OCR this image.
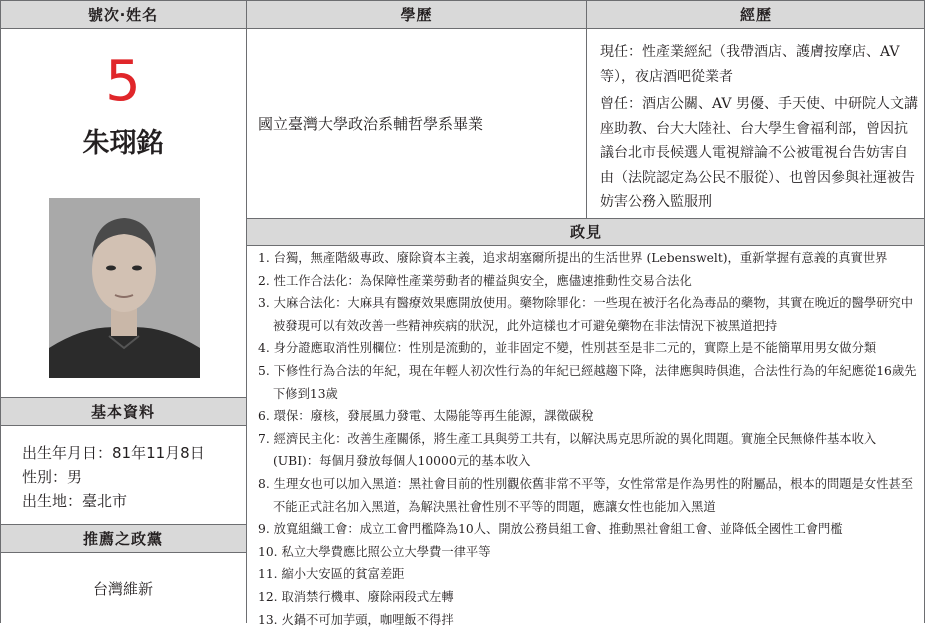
號次‧姓名	學歷	經歷
政見
基本資料
推薦之政黨
5
朱珝銘
出生年月日：81年11月8日
性別：男
出生地：臺北市
台灣維新
國立臺灣大學政治系輔哲學系畢業

現任：性產業經紀（我帶酒店、護膚按摩店、AV等），夜店酒吧從業者

曾任：酒店公關、AV 男優、手天使、中研院人文講座助教、台大大陸社、台大學生會福利部，曾因抗議台北市長候選人電視辯論不公被電視台告妨害自由（法院認定為公民不服從）、也曾因參與社運被告妨害公務入監服刑

1. 台獨，無產階級專政、廢除資本主義，追求胡塞爾所提出的生活世界 (Lebenswelt)，重新掌握有意義的真實世界
2. 性工作合法化：為保障性產業勞動者的權益與安全，應儘速推動性交易合法化
3. 大麻合法化：大麻具有醫療效果應開放使用。藥物除罪化：一些現在被汙名化為毒品的藥物，其實在晚近的醫學研究中被發現可以有效改善一些精神疾病的狀況，此外這樣也才可避免藥物在非法情況下被黑道把持
4. 身分證應取消性別欄位：性別是流動的，並非固定不變，性別甚至是非二元的，實際上是不能簡單用男女做分類
5. 下修性行為合法的年紀，現在年輕人初次性行為的年紀已經越趨下降，法律應與時俱進，合法性行為的年紀應從16歲先下修到13歲
6. 環保：廢核，發展風力發電、太陽能等再生能源，課徵碳稅
7. 經濟民主化：改善生產關係，將生產工具與勞工共有，以解決馬克思所說的異化問題。實施全民無條件基本收入 (UBI)：每個月發放每個人10000元的基本收入
8. 生理女也可以加入黑道：黑社會目前的性別觀依舊非常不平等，女性常常是作為男性的附屬品，根本的問題是女性甚至不能正式註名加入黑道，為解決黑社會性別不平等的問題，應讓女性也能加入黑道
9. 放寬組織工會：成立工會門檻降為10人、開放公務員組工會、推動黑社會組工會、並降低全國性工會門檻
10. 私立大學費應比照公立大學費一律平等
11. 縮小大安區的貧富差距
12. 取消禁行機車、廢除兩段式左轉
13. 火鍋不可加芋頭，咖哩飯不得拌
